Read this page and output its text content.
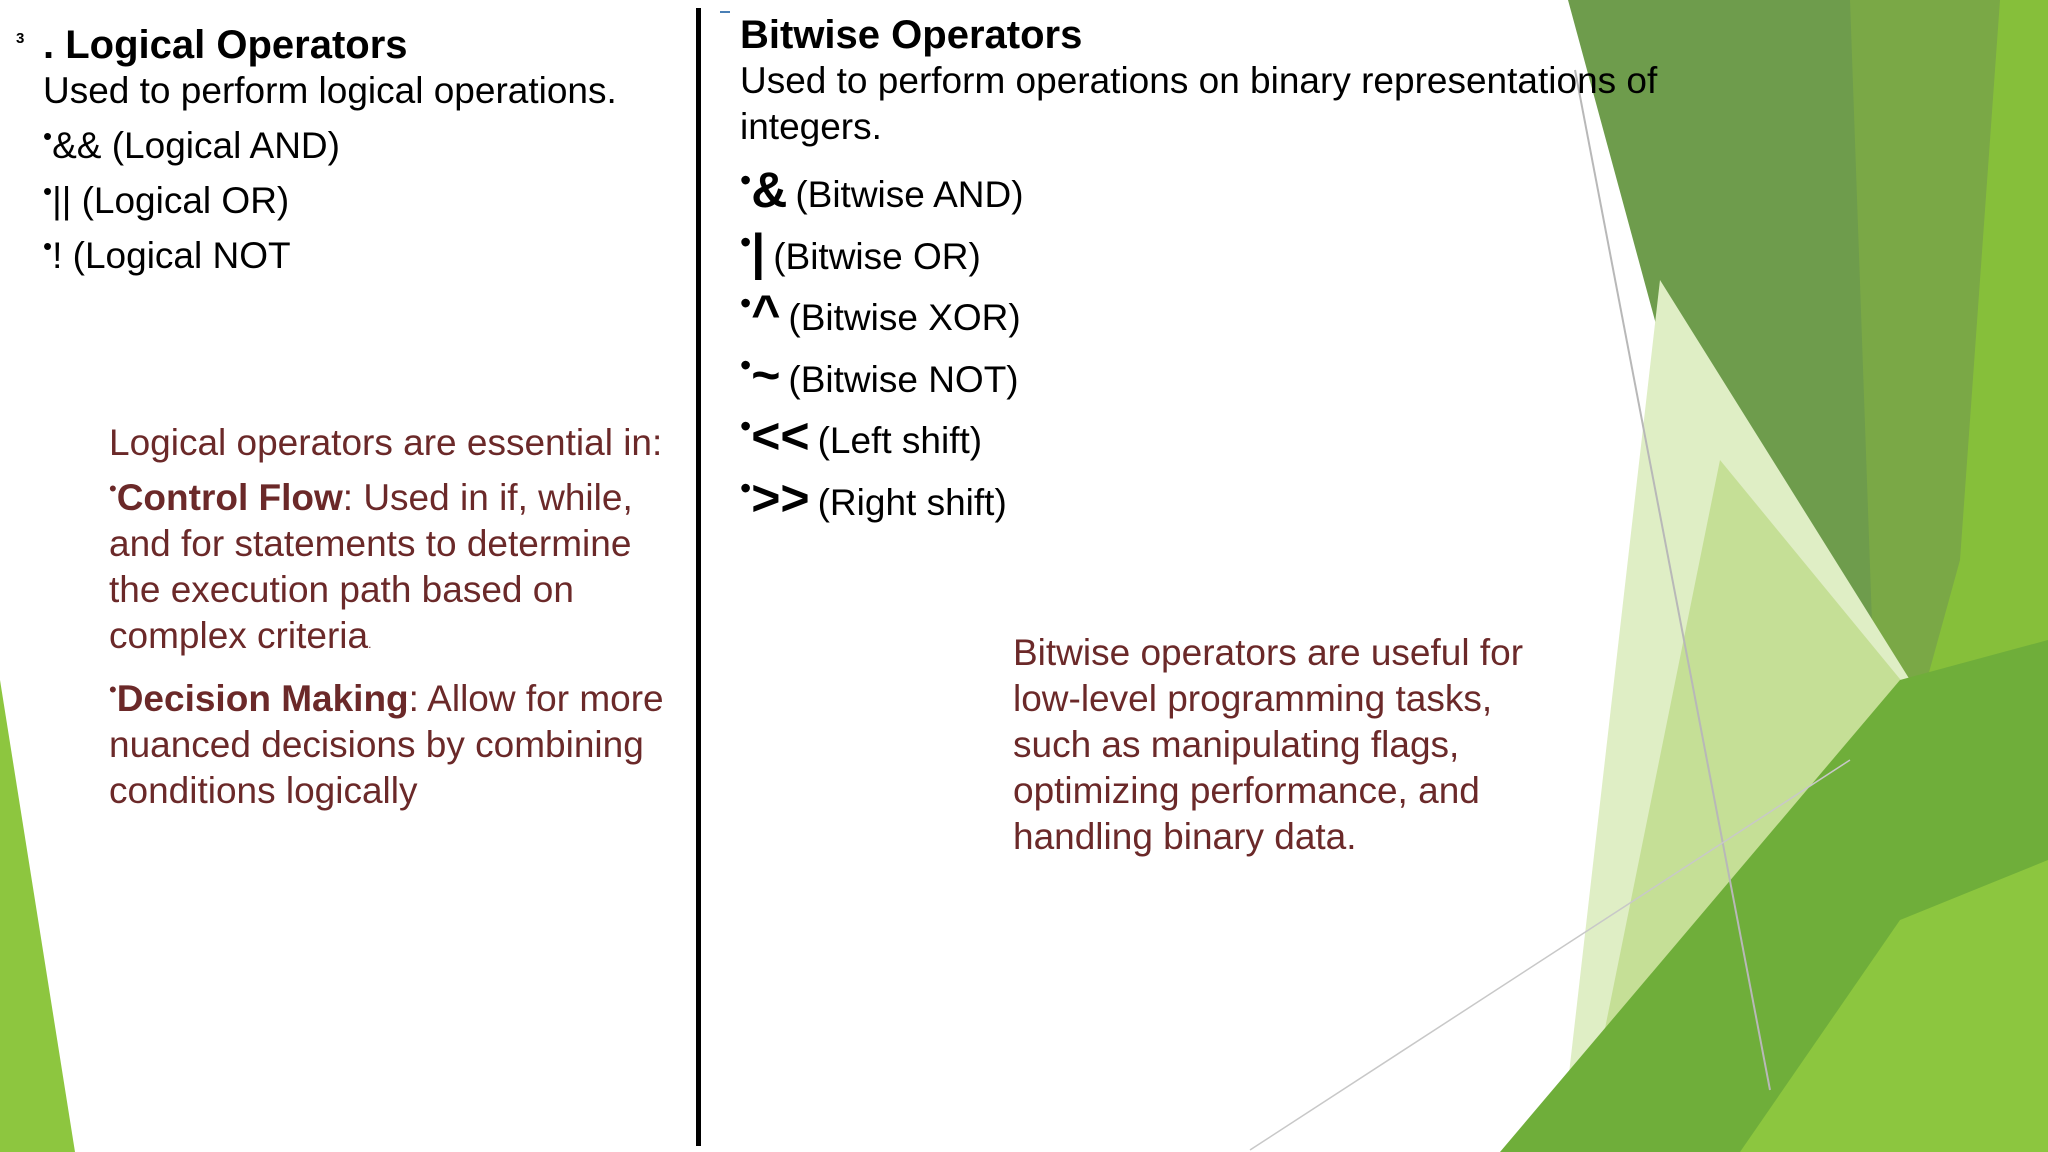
3 . Logical Operators

Used to perform logical operations.

•&& (Logical AND)
•|| (Logical OR)
•! (Logical NOT
Logical operators are essential in:
•Control Flow: Used in if, while, and for statements to determine the execution path based on complex criteria.
•Decision Making: Allow for more nuanced decisions by combining conditions logically

Bitwise Operators

Used to perform operations on binary representations of integers.

•& (Bitwise AND)
•| (Bitwise OR)
•^ (Bitwise XOR)
•~ (Bitwise NOT)
•<< (Left shift)
•>> (Right shift)
Bitwise operators are useful for low-level programming tasks, such as manipulating flags, optimizing performance, and handling binary data.
